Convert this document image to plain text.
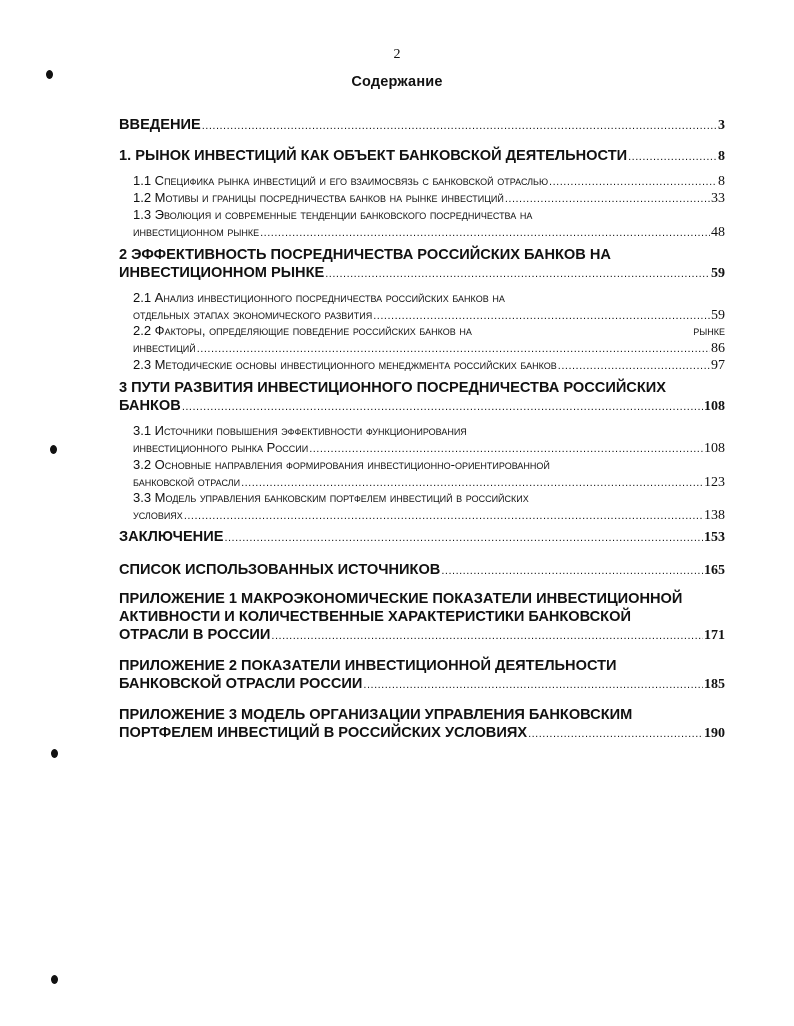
2
Содержание
ВВЕДЕНИЕ .....	3
1. РЫНОК ИНВЕСТИЦИЙ КАК ОБЪЕКТ БАНКОВСКОЙ ДЕЯТЕЛЬНОСТИ .....	8
1.1 Специфика рынка инвестиций и его взаимосвязь с банковской отраслью .....	8
1.2 Мотивы и границы посредничества банков на рынке инвестиций .....	33
1.3 Эволюция и современные тенденции банковского посредничества на
инвестиционном рынке .....	48
2 ЭФФЕКТИВНОСТЬ ПОСРЕДНИЧЕСТВА РОССИЙСКИХ БАНКОВ НА
ИНВЕСТИЦИОННОМ РЫНКЕ .....	59
2.1 Анализ инвестиционного посредничества российских банков на
отдельных этапах экономического развития .....	59
2.2 Факторы, определяющие поведение российских банков на	рынке
инвестиций .....	86
2.3 Методические основы инвестиционного менеджмента российских банков .....	97
3 ПУТИ РАЗВИТИЯ ИНВЕСТИЦИОННОГО ПОСРЕДНИЧЕСТВА РОССИЙСКИХ
БАНКОВ .....	108
3.1 Источники повышения эффективности функционирования
инвестиционного рынка России .....	108
3.2 Основные направления формирования инвестиционно-ориентированной
банковской отрасли .....	123
3.3 Модель управления банковским портфелем инвестиций в российских
условиях .....	138
ЗАКЛЮЧЕНИЕ .....	153
СПИСОК ИСПОЛЬЗОВАННЫХ ИСТОЧНИКОВ .....	165
ПРИЛОЖЕНИЕ 1 МАКРОЭКОНОМИЧЕСКИЕ ПОКАЗАТЕЛИ ИНВЕСТИЦИОННОЙ
АКТИВНОСТИ И КОЛИЧЕСТВЕННЫЕ ХАРАКТЕРИСТИКИ БАНКОВСКОЙ
ОТРАСЛИ В РОССИИ .....	171
ПРИЛОЖЕНИЕ 2 ПОКАЗАТЕЛИ ИНВЕСТИЦИОННОЙ ДЕЯТЕЛЬНОСТИ
БАНКОВСКОЙ ОТРАСЛИ РОССИИ .....	185
ПРИЛОЖЕНИЕ 3 МОДЕЛЬ ОРГАНИЗАЦИИ УПРАВЛЕНИЯ БАНКОВСКИМ
ПОРТФЕЛЕМ ИНВЕСТИЦИЙ В РОССИЙСКИХ УСЛОВИЯХ .....	190
